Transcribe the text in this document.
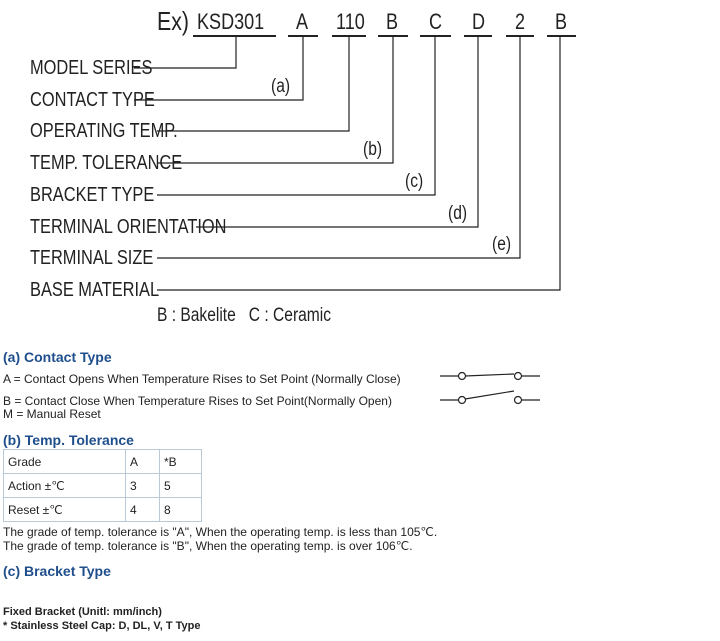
Ex) KSD301 A 110 B C D 2 B
MODEL SERIES
CONTACT TYPE
OPERATING TEMP.
TEMP. TOLERANCE
BRACKET TYPE
TERMINAL ORIENTATION
TERMINAL SIZE
BASE MATERIAL
(a)
(b)
(c)
(d)
(e)
B : Bakelite   C : Ceramic
(a) Contact Type
A = Contact Opens When Temperature Rises to Set Point (Normally Close)
B = Contact Close When Temperature Rises to Set Point(Normally Open)
M = Manual Reset
(b) Temp. Tolerance
Grade	A	*B
Action ±℃	3	5
Reset ±℃	4	8
The grade of temp. tolerance is "A", When the operating temp. is less than 105℃.
The grade of temp. tolerance is "B", When the operating temp. is over 106℃.
(c) Bracket Type
Fixed Bracket (Unitl: mm/inch)
* Stainless Steel Cap: D, DL, V, T Type
